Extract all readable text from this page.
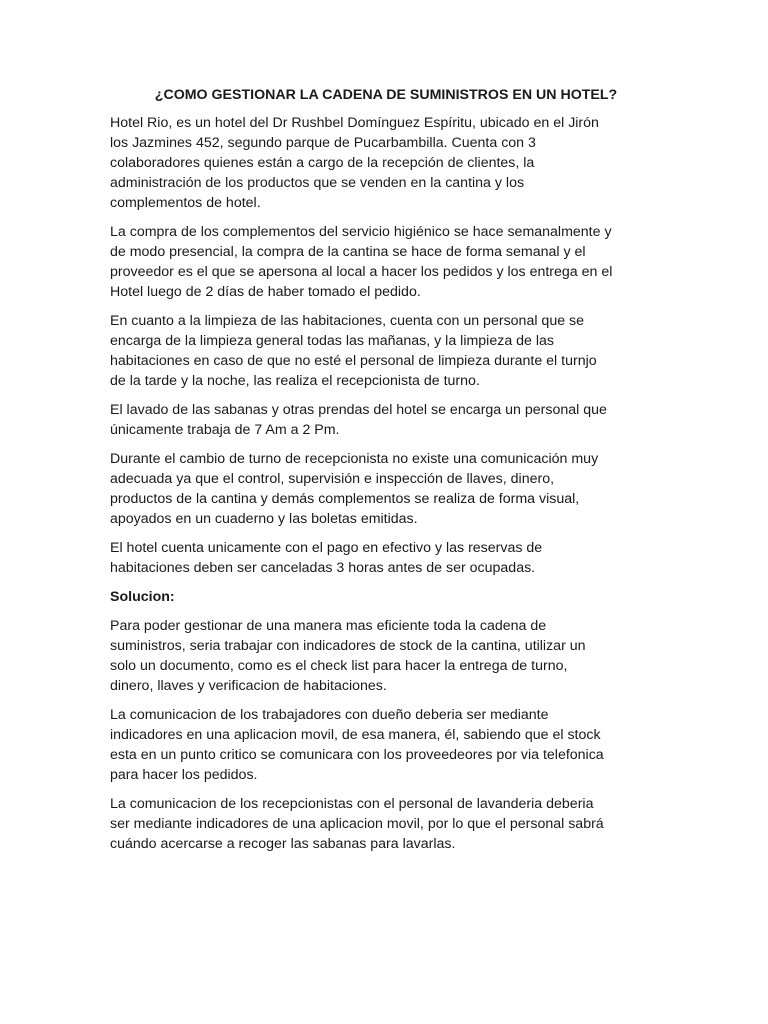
¿COMO GESTIONAR LA CADENA DE SUMINISTROS EN UN HOTEL?
Hotel Rio, es un hotel del Dr Rushbel Domínguez Espíritu, ubicado en el Jirón
los Jazmines 452, segundo parque de Pucarbambilla. Cuenta con 3
colaboradores quienes están a cargo de la recepción de clientes, la
administración de los productos que se venden en la cantina y los
complementos de hotel.
La compra de los complementos del servicio higiénico se hace semanalmente y
de modo presencial, la compra de la cantina se hace de forma semanal y el
proveedor es el que se apersona al local a hacer los pedidos y los entrega en el
Hotel luego de 2 días de haber tomado el pedido.
En cuanto a la limpieza de las habitaciones, cuenta con un personal que se
encarga de la limpieza general todas las mañanas, y la limpieza de las
habitaciones en caso de que no esté el personal de limpieza durante el turnjo
de la tarde y la noche, las realiza el recepcionista de turno.
El lavado de las sabanas y otras prendas del hotel se encarga un personal que
únicamente trabaja de 7 Am a 2 Pm.
Durante el cambio de turno de recepcionista no existe una comunicación muy
adecuada ya que el control, supervisión e inspección de llaves, dinero,
productos de la cantina y demás complementos se realiza de forma visual,
apoyados en un cuaderno y las boletas emitidas.
El hotel cuenta unicamente con el pago en efectivo y las reservas de
habitaciones deben ser canceladas 3 horas antes de ser ocupadas.
Solucion:
Para poder gestionar de una manera mas eficiente toda la cadena de
suministros, seria trabajar con indicadores de stock de la cantina, utilizar un
solo un documento, como es el check list para hacer la entrega de turno,
dinero, llaves y verificacion de habitaciones.
La comunicacion de los trabajadores con dueño deberia ser mediante
indicadores en una aplicacion movil, de esa manera, él, sabiendo que el stock
esta en un punto critico se comunicara con los proveedeores por via telefonica
para hacer los pedidos.
La comunicacion de los recepcionistas con el personal de lavanderia deberia
ser mediante indicadores de una aplicacion movil, por lo que el personal sabrá
cuándo acercarse a recoger las sabanas para lavarlas.
